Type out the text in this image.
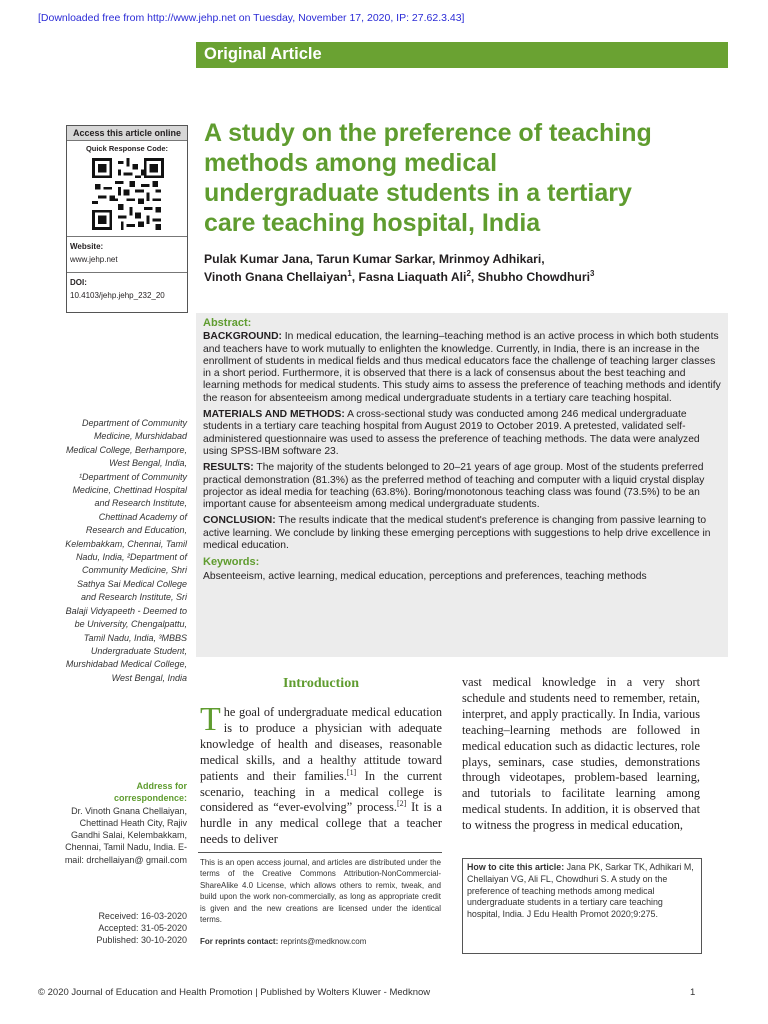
[Downloaded free from http://www.jehp.net on Tuesday, November 17, 2020, IP: 27.62.3.43]
Original Article
Access this article online
Quick Response Code:
Website:
www.jehp.net
DOI:
10.4103/jehp.jehp_232_20
A study on the preference of teaching methods among medical undergraduate students in a tertiary care teaching hospital, India
Pulak Kumar Jana, Tarun Kumar Sarkar, Mrinmoy Adhikari,
Vinoth Gnana Chellaiyan$^1$, Fasna Liaquath Ali$^2$, Shubho Chowdhuri$^3$
Abstract:

BACKGROUND: In medical education, the learning–teaching method is an active process in which both students and teachers have to work mutually to enlighten the knowledge. Currently, in India, there is an increase in the enrollment of students in medical fields and thus medical educators face the challenge of teaching larger classes in a short period. Furthermore, it is observed that there is a lack of consensus about the best teaching and learning methods for medical students. This study aims to assess the preference of teaching methods and identify the reason for absenteeism among medical undergraduate students in a tertiary care teaching hospital.

MATERIALS AND METHODS: A cross-sectional study was conducted among 246 medical undergraduate students in a tertiary care teaching hospital from August 2019 to October 2019. A pretested, validated self-administered questionnaire was used to assess the preference of teaching methods. The data were analyzed using SPSS-IBM software 23.

RESULTS: The majority of the students belonged to 20–21 years of age group. Most of the students preferred practical demonstration (81.3%) as the preferred method of teaching and computer with a liquid crystal display projector as ideal media for teaching (63.8%). Boring/monotonous teaching class was found (73.5%) to be an important cause for absenteeism among medical undergraduate students.

CONCLUSION: The results indicate that the medical student's preference is changing from passive learning to active learning. We conclude by linking these emerging perceptions with suggestions to help drive excellence in medical education.

Keywords:

Absenteeism, active learning, medical education, perceptions and preferences, teaching methods

Department of Community Medicine, Murshidabad Medical College, Berhampore, West Bengal, India, ¹Department of Community Medicine, Chettinad Hospital and Research Institute, Chettinad Academy of Research and Education, Kelembakkam, Chennai, Tamil Nadu, India, ²Department of Community Medicine, Shri Sathya Sai Medical College and Research Institute, Sri Balaji Vidyapeeth - Deemed to be University, Chengalpattu, Tamil Nadu, India, ³MBBS Undergraduate Student, Murshidabad Medical College, West Bengal, India
Address for correspondence:
Dr. Vinoth Gnana Chellaiyan, Chettinad Heath City, Rajiv Gandhi Salai, Kelembakkam, Chennai, Tamil Nadu, India. E-mail: drchellaiyan@ gmail.com
Received: 16-03-2020
Accepted: 31-05-2020
Published: 30-10-2020
Introduction
The goal of undergraduate medical education is to produce a physician with adequate knowledge of health and diseases, reasonable medical skills, and a healthy attitude toward patients and their families.[1] In the current scenario, teaching in a medical college is considered as “ever-evolving” process.[2] It is a hurdle in any medical college that a teacher needs to deliver
vast medical knowledge in a very short schedule and students need to remember, retain, interpret, and apply practically. In India, various teaching–learning methods are followed in medical education such as didactic lectures, role plays, seminars, case studies, demonstrations through videotapes, problem-based learning, and tutorials to facilitate learning among medical students. In addition, it is observed that to witness the progress in medical education,
This is an open access journal, and articles are distributed under the terms of the Creative Commons Attribution-NonCommercial-ShareAlike 4.0 License, which allows others to remix, tweak, and build upon the work non-commercially, as long as appropriate credit is given and the new creations are licensed under the identical terms.
For reprints contact: reprints@medknow.com
How to cite this article: Jana PK, Sarkar TK, Adhikari M, Chellaiyan VG, Ali FL, Chowdhuri S. A study on the preference of teaching methods among medical undergraduate students in a tertiary care teaching hospital, India. J Edu Health Promot 2020;9:275.
© 2020 Journal of Education and Health Promotion | Published by Wolters Kluwer - Medknow	1
